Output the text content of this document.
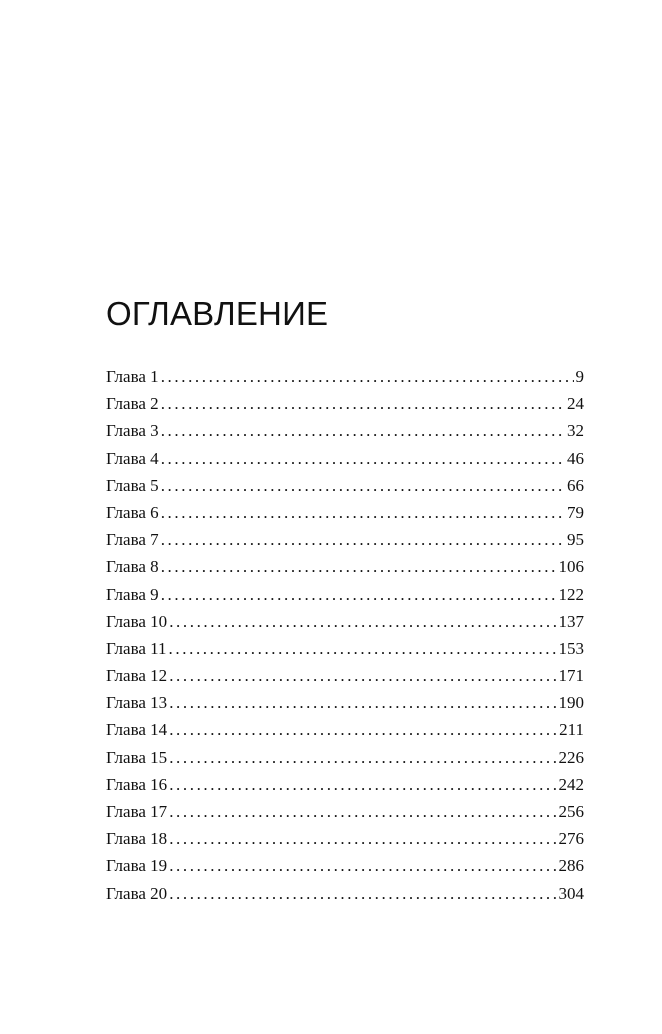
ОГЛАВЛЕНИЕ
Глава 1 .....	9
Глава 2 .....	24
Глава 3 .....	32
Глава 4 .....	46
Глава 5 .....	66
Глава 6 .....	79
Глава 7 .....	95
Глава 8 .....	106
Глава 9 .....	122
Глава 10 .....	137
Глава 11 .....	153
Глава 12 .....	171
Глава 13 .....	190
Глава 14 .....	211
Глава 15 .....	226
Глава 16 .....	242
Глава 17 .....	256
Глава 18 .....	276
Глава 19 .....	286
Глава 20 .....	304
